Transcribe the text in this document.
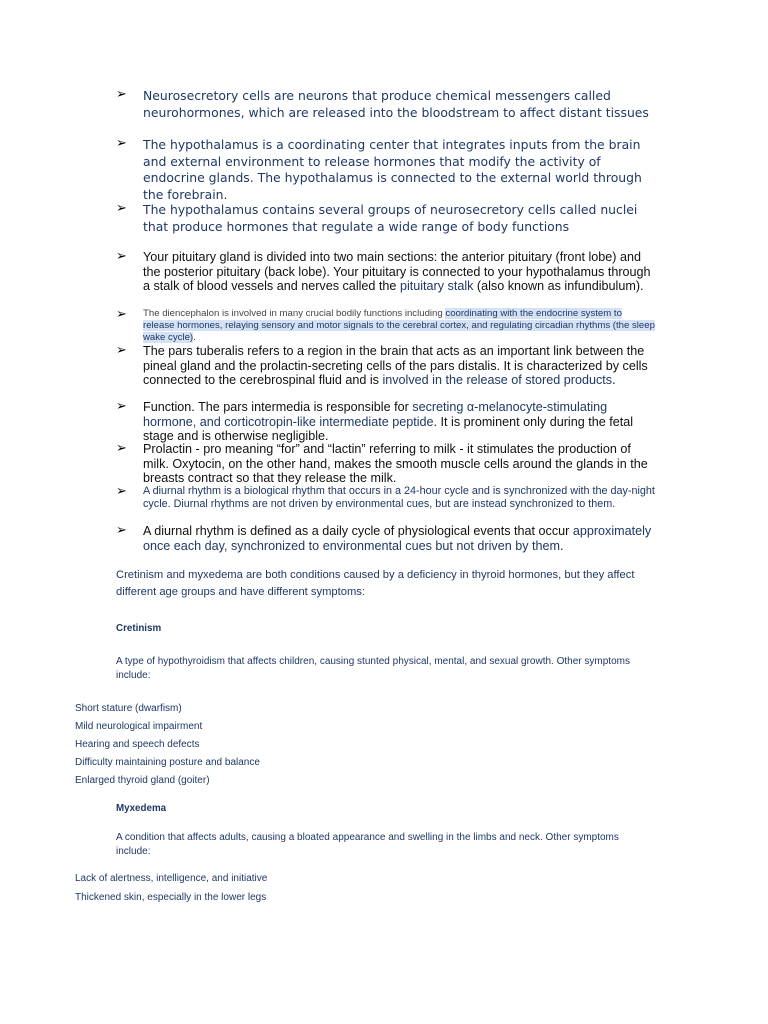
➢ Neurosecretory cells are neurons that produce chemical messengers called neurohormones, which are released into the bloodstream to affect distant tissues
➢ The hypothalamus is a coordinating center that integrates inputs from the brain and external environment to release hormones that modify the activity of endocrine glands. The hypothalamus is connected to the external world through the forebrain.
➢ The hypothalamus contains several groups of neurosecretory cells called nuclei that produce hormones that regulate a wide range of body functions
➢ Your pituitary gland is divided into two main sections: the anterior pituitary (front lobe) and the posterior pituitary (back lobe). Your pituitary is connected to your hypothalamus through a stalk of blood vessels and nerves called the pituitary stalk (also known as infundibulum).
➢	The diencephalon is involved in many crucial bodily functions including coordinating with the endocrine system to release hormones, relaying sensory and motor signals to the cerebral cortex, and regulating circadian rhythms (the sleep wake cycle).
➢ The pars tuberalis refers to a region in the brain that acts as an important link between the pineal gland and the prolactin-secreting cells of the pars distalis. It is characterized by cells connected to the cerebrospinal fluid and is involved in the release of stored products.
➢ Function. The pars intermedia is responsible for secreting α-melanocyte-stimulating hormone, and corticotropin-like intermediate peptide. It is prominent only during the fetal stage and is otherwise negligible.
➢ Prolactin - pro meaning “for” and “lactin” referring to milk - it stimulates the production of milk. Oxytocin, on the other hand, makes the smooth muscle cells around the glands in the breasts contract so that they release the milk.
➢ A diurnal rhythm is a biological rhythm that occurs in a 24-hour cycle and is synchronized with the day-night cycle. Diurnal rhythms are not driven by environmental cues, but are instead synchronized to them.
➢ A diurnal rhythm is defined as a daily cycle of physiological events that occur approximately once each day, synchronized to environmental cues but not driven by them.
Cretinism and myxedema are both conditions caused by a deficiency in thyroid hormones, but they affect different age groups and have different symptoms:
Cretinism
A type of hypothyroidism that affects children, causing stunted physical, mental, and sexual growth. Other symptoms include:
Short stature (dwarfism)
Mild neurological impairment
Hearing and speech defects
Difficulty maintaining posture and balance
Enlarged thyroid gland (goiter)
Myxedema
A condition that affects adults, causing a bloated appearance and swelling in the limbs and neck. Other symptoms include:
Lack of alertness, intelligence, and initiative
Thickened skin, especially in the lower legs
